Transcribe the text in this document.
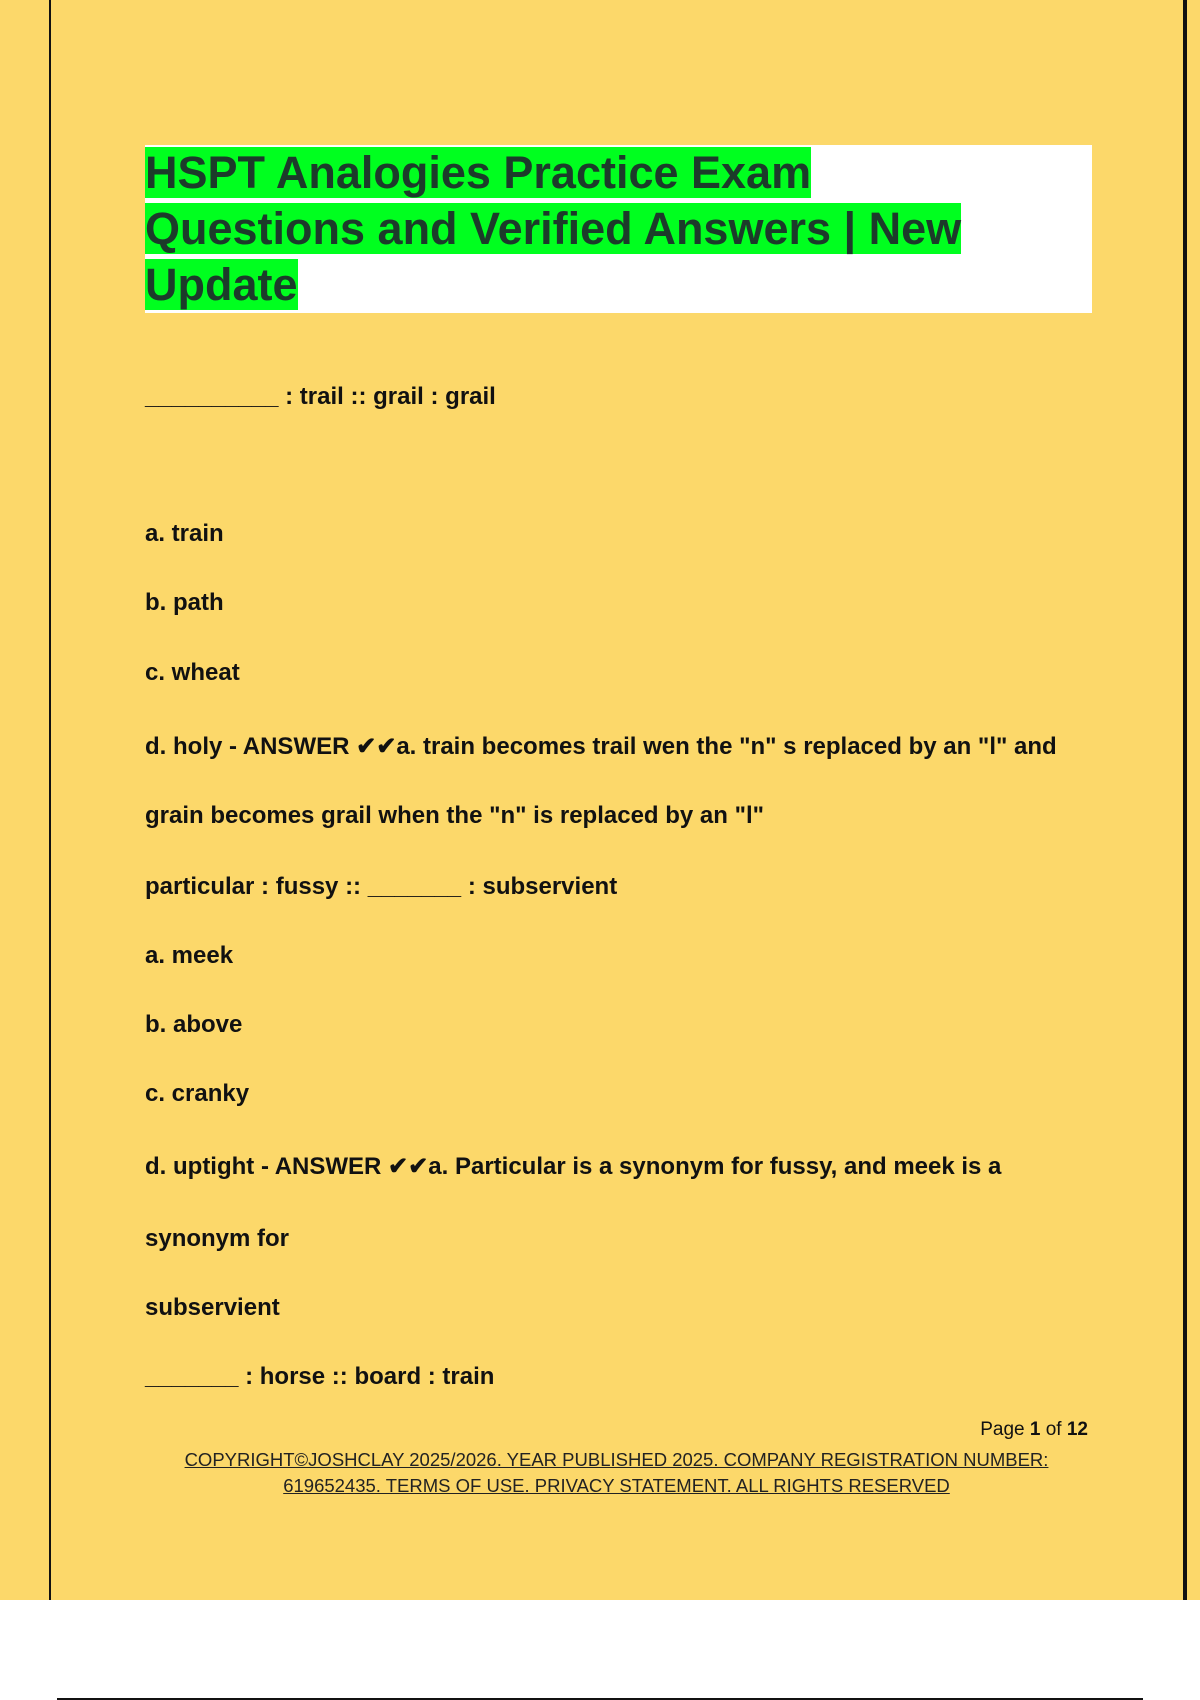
HSPT Analogies Practice Exam
Questions and Verified Answers | New
Update
__________ : trail :: grail : grail
a. train
b. path
c. wheat
d. holy - ANSWER ✔✔a. train becomes trail wen the "n" s replaced by an "l" and
grain becomes grail when the "n" is replaced by an "l"
particular : fussy :: _______ : subservient
a. meek
b. above
c. cranky
d. uptight - ANSWER ✔✔a. Particular is a synonym for fussy, and meek is a
synonym for
subservient
_______ : horse :: board : train
Page 1 of 12
COPYRIGHT©JOSHCLAY 2025/2026. YEAR PUBLISHED 2025. COMPANY REGISTRATION NUMBER:
619652435. TERMS OF USE. PRIVACY STATEMENT. ALL RIGHTS RESERVED
